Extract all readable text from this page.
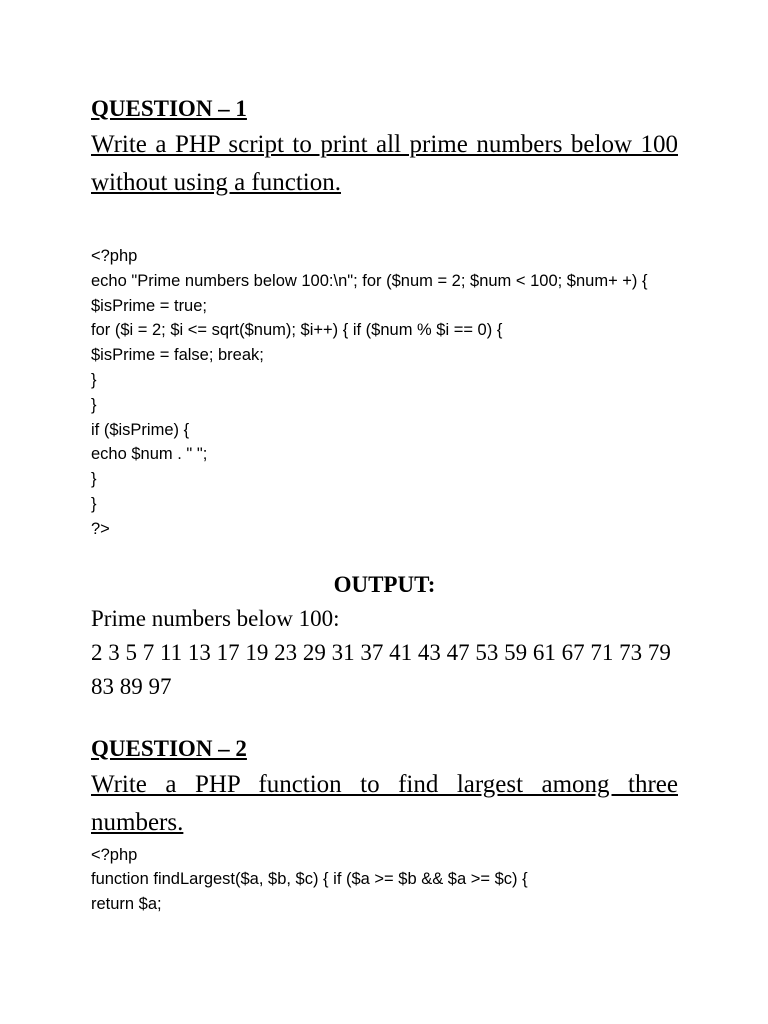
QUESTION – 1

Write a PHP script to print all prime numbers below 100 without using a function.

<?php
echo "Prime numbers below 100:\n"; for ($num = 2; $num < 100; $num+ +) {
$isPrime = true;
for ($i = 2; $i <= sqrt($num); $i++) { if ($num % $i == 0) {
$isPrime = false; break;
}
}
if ($isPrime) {
echo $num . " ";
}
}
?>
OUTPUT:

Prime numbers below 100:

2 3 5 7 11 13 17 19 23 29 31 37 41 43 47 53 59 61 67 71 73 79 83 89 97

QUESTION – 2

Write a PHP function to find largest among three numbers.

<?php
function findLargest($a, $b, $c) { if ($a >= $b && $a >= $c) {
return $a;
